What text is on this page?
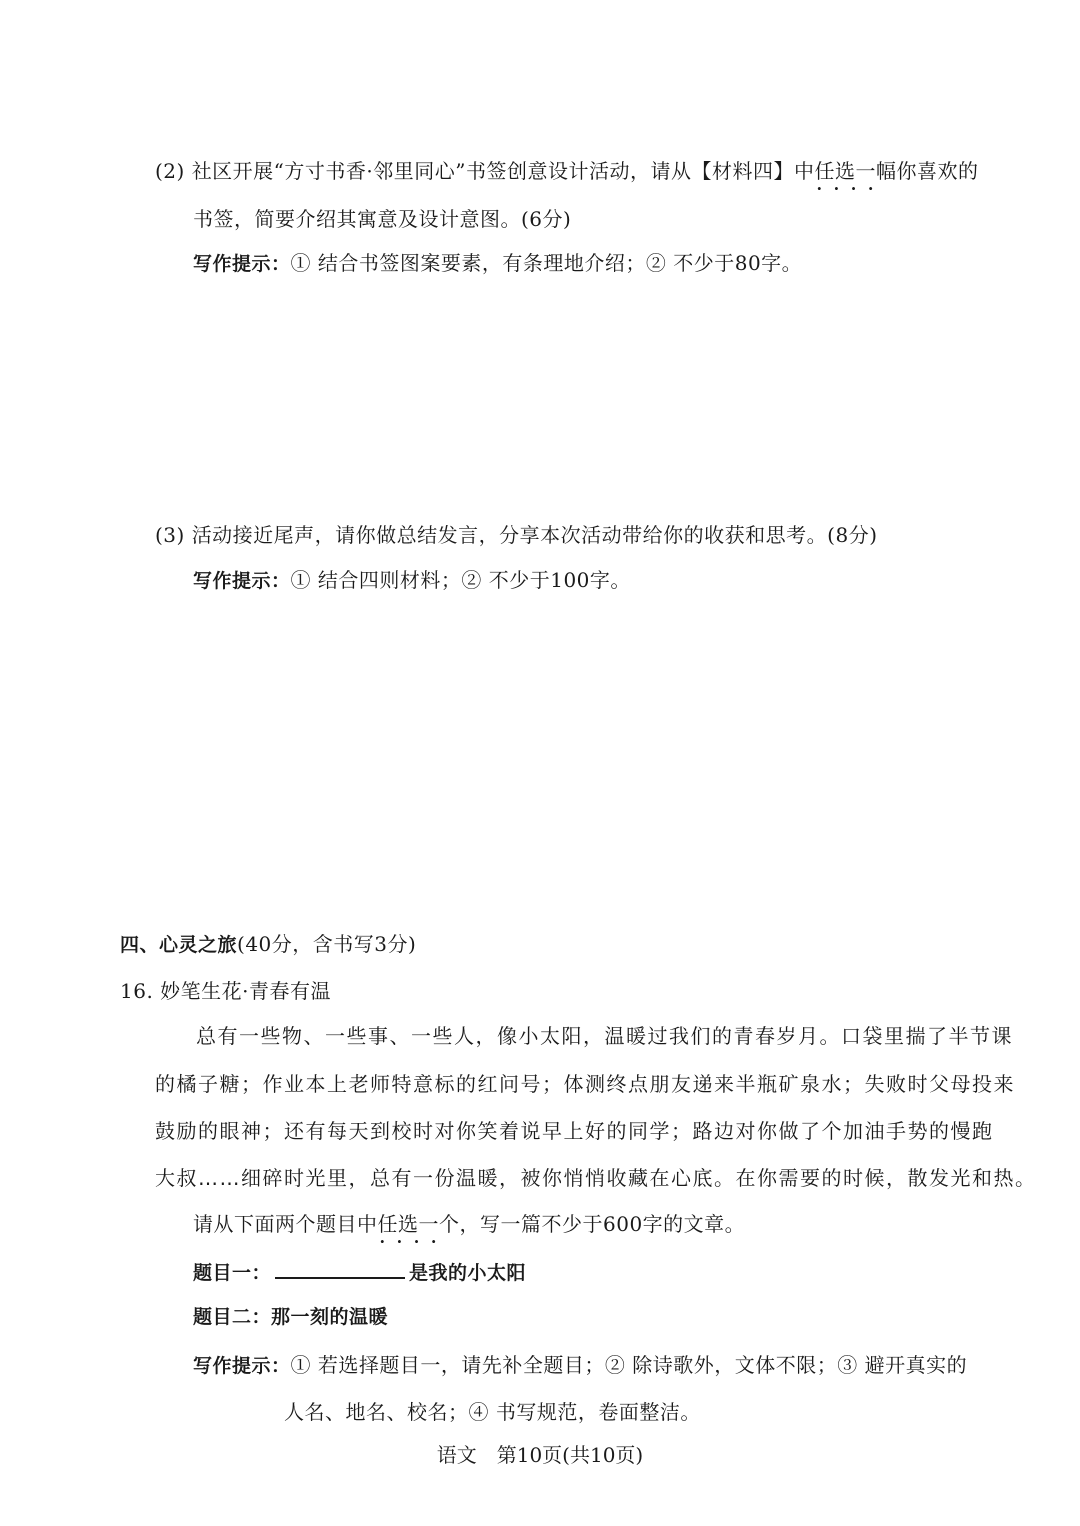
(2) 社区开展“方寸书香·邻里同心”书签创意设计活动，请从【材料四】中任选一 · · · ·幅你喜欢的
书签，简要介绍其寓意及设计意图。(6分)
写作提示：① 结合书签图案要素，有条理地介绍；② 不少于80字。
(3) 活动接近尾声，请你做总结发言，分享本次活动带给你的收获和思考。(8分)
写作提示：① 结合四则材料；② 不少于100字。
四、心灵之旅(40分，含书写3分)
16. 妙笔生花·青春有温
总有一些物、一些事、一些人，像小太阳，温暖过我们的青春岁月。口袋里揣了半节课
的橘子糖；作业本上老师特意标的红问号；体测终点朋友递来半瓶矿泉水；失败时父母投来
鼓励的眼神；还有每天到校时对你笑着说早上好的同学；路边对你做了个加油手势的慢跑
大叔……细碎时光里，总有一份温暖，被你悄悄收藏在心底。在你需要的时候，散发光和热。
请从下面两个题目中任选一个 · · · ·，写一篇不少于600字的文章。
题目一：	是我的小太阳
题目二：那一刻的温暖
写作提示：① 若选择题目一，请先补全题目；② 除诗歌外，文体不限；③ 避开真实的
人名、地名、校名；④ 书写规范，卷面整洁。
语文　第10页(共10页)
